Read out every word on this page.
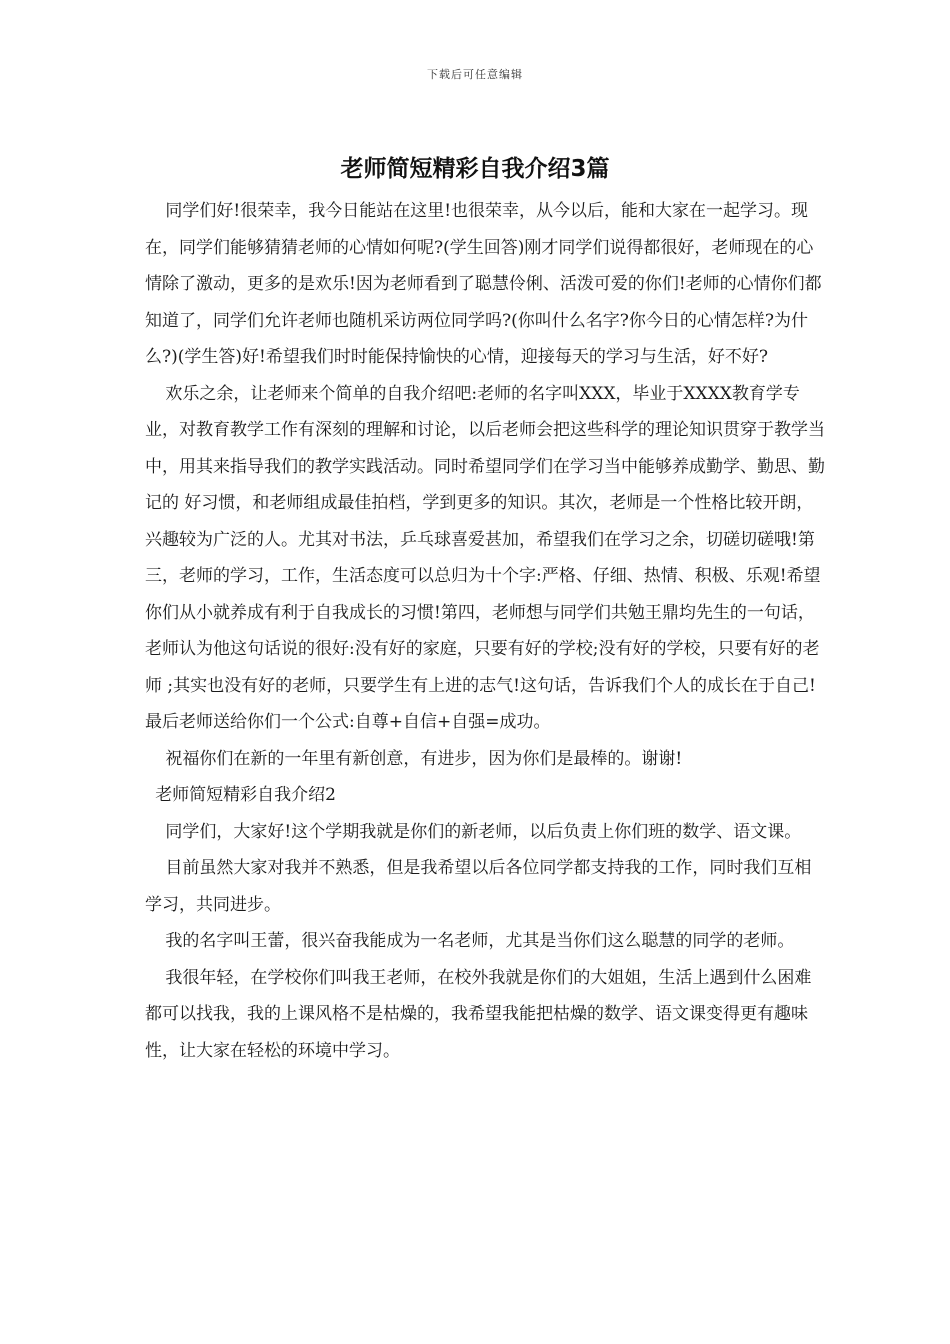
下载后可任意编辑
老师简短精彩自我介绍3篇

同学们好!很荣幸，我今日能站在这里!也很荣幸，从今以后，能和大家在一起学习。现在，同学们能够猜猜老师的心情如何呢?(学生回答)刚才同学们说得都很好，老师现在的心情除了激动，更多的是欢乐!因为老师看到了聪慧伶俐、活泼可爱的你们!老师的心情你们都知道了，同学们允许老师也随机采访两位同学吗?(你叫什么名字?你今日的心情怎样?为什么?)(学生答)好!希望我们时时能保持愉快的心情，迎接每天的学习与生活，好不好?

欢乐之余，让老师来个简单的自我介绍吧:老师的名字叫XXX，毕业于XXXX教育学专业，对教育教学工作有深刻的理解和讨论，以后老师会把这些科学的理论知识贯穿于教学当中，用其来指导我们的教学实践活动。同时希望同学们在学习当中能够养成勤学、勤思、勤记的 好习惯，和老师组成最佳拍档，学到更多的知识。其次，老师是一个性格比较开朗，兴趣较为广泛的人。尤其对书法，乒乓球喜爱甚加，希望我们在学习之余，切磋切磋哦!第三，老师的学习，工作，生活态度可以总归为十个字:严格、仔细、热情、积极、乐观!希望你们从小就养成有利于自我成长的习惯!第四，老师想与同学们共勉王鼎均先生的一句话，老师认为他这句话说的很好:没有好的家庭，只要有好的学校;没有好的学校，只要有好的老师 ;其实也没有好的老师，只要学生有上进的志气!这句话，告诉我们个人的成长在于自己!最后老师送给你们一个公式:自尊+自信+自强=成功。

祝福你们在新的一年里有新创意，有进步，因为你们是最棒的。谢谢!

老师简短精彩自我介绍2

同学们，大家好!这个学期我就是你们的新老师，以后负责上你们班的数学、语文课。

目前虽然大家对我并不熟悉，但是我希望以后各位同学都支持我的工作，同时我们互相学习，共同进步。

我的名字叫王蕾，很兴奋我能成为一名老师，尤其是当你们这么聪慧的同学的老师。

我很年轻，在学校你们叫我王老师，在校外我就是你们的大姐姐，生活上遇到什么困难都可以找我，我的上课风格不是枯燥的，我希望我能把枯燥的数学、语文课变得更有趣味性，让大家在轻松的环境中学习。
